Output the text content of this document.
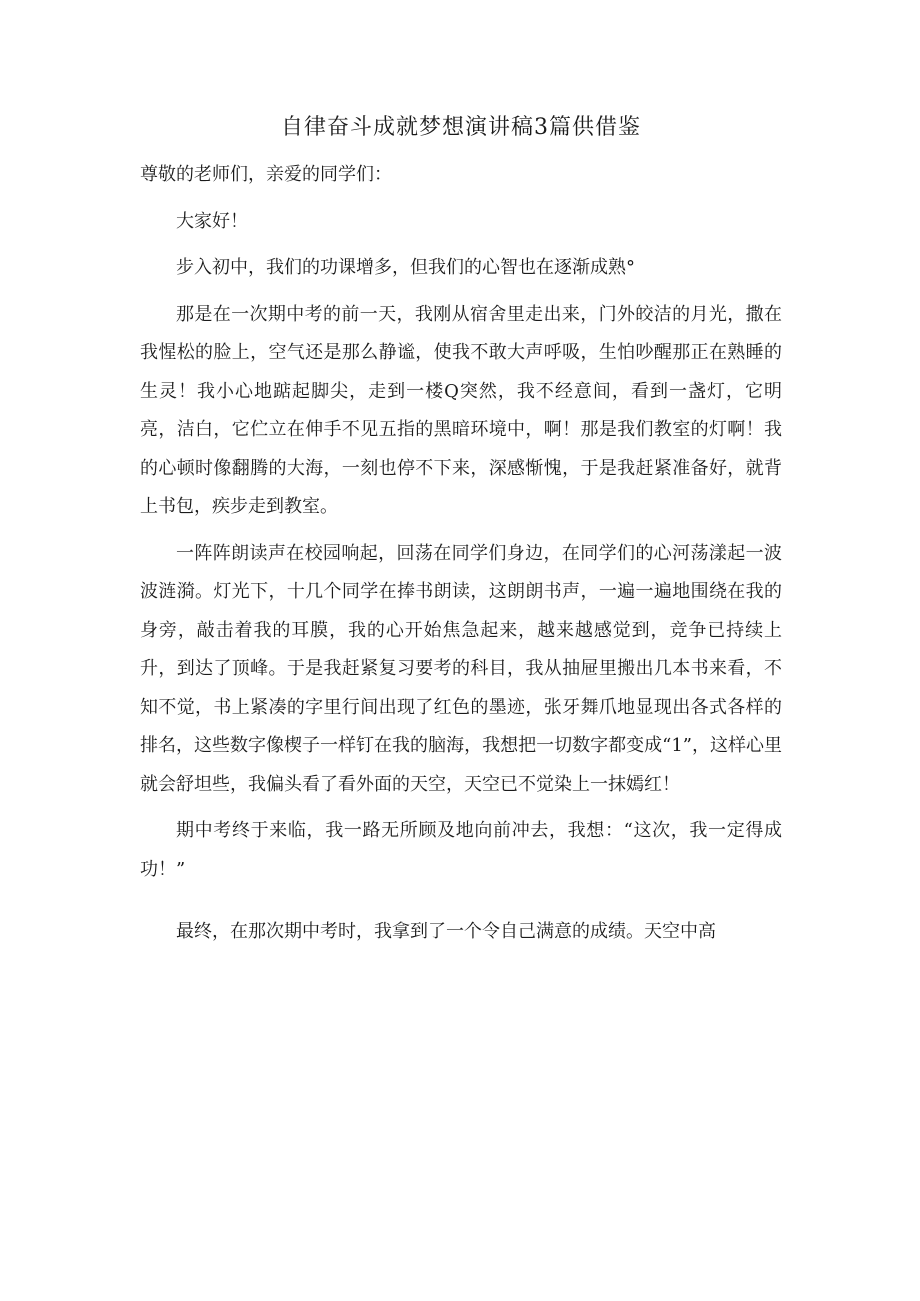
自律奋斗成就梦想演讲稿3篇供借鉴

尊敬的老师们，亲爱的同学们：

大家好！

步入初中，我们的功课增多，但我们的心智也在逐渐成熟°

那是在一次期中考的前一天，我刚从宿舍里走出来，门外皎洁的月光，撒在我惺松的脸上，空气还是那么静谧，使我不敢大声呼吸，生怕吵醒那正在熟睡的生灵！我小心地踮起脚尖，走到一楼Q突然，我不经意间，看到一盏灯，它明亮，洁白，它伫立在伸手不见五指的黑暗环境中，啊！那是我们教室的灯啊！我的心顿时像翻腾的大海，一刻也停不下来，深感惭愧，于是我赶紧准备好，就背上书包，疾步走到教室。

一阵阵朗读声在校园响起，回荡在同学们身边，在同学们的心河荡漾起一波波涟漪。灯光下，十几个同学在捧书朗读，这朗朗书声，一遍一遍地围绕在我的身旁，敲击着我的耳膜，我的心开始焦急起来，越来越感觉到，竞争已持续上升，到达了顶峰。于是我赶紧复习要考的科目，我从抽屉里搬出几本书来看，不知不觉，书上紧凑的字里行间出现了红色的墨迹，张牙舞爪地显现出各式各样的排名，这些数字像楔子一样钉在我的脑海，我想把一切数字都变成“1”，这样心里就会舒坦些，我偏头看了看外面的天空，天空已不觉染上一抹嫣红！

期中考终于来临，我一路无所顾及地向前冲去，我想：“这次，我一定得成功！”

最终，在那次期中考时，我拿到了一个令自己满意的成绩。天空中高
